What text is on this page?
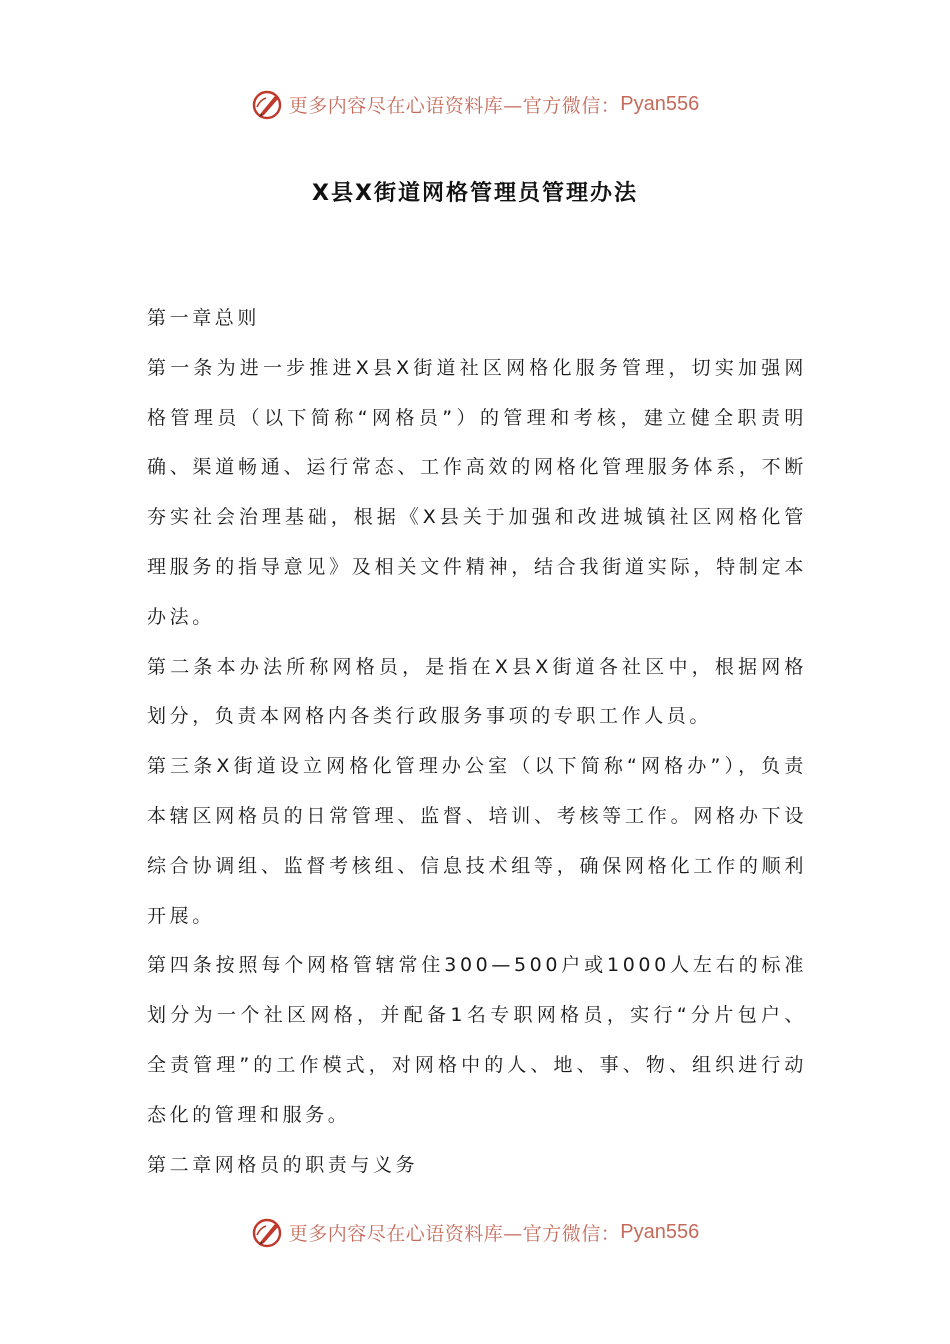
更多内容尽在心语资料库—官方微信： Pyan556
X县X街道网格管理员管理办法

第一章总则

第一条为进一步推进X县X街道社区网格化服务管理，切实加强网格管理员（以下简称“网格员”）的管理和考核，建立健全职责明确、渠道畅通、运行常态、工作高效的网格化管理服务体系，不断夯实社会治理基础，根据《X县关于加强和改进城镇社区网格化管理服务的指导意见》及相关文件精神，结合我街道实际，特制定本办法。

第二条本办法所称网格员，是指在X县X街道各社区中，根据网格划分，负责本网格内各类行政服务事项的专职工作人员。

第三条X街道设立网格化管理办公室（以下简称“网格办”），负责本辖区网格员的日常管理、监督、培训、考核等工作。网格办下设综合协调组、监督考核组、信息技术组等，确保网格化工作的顺利开展。

第四条按照每个网格管辖常住300—500户或1000人左右的标准划分为一个社区网格，并配备1名专职网格员，实行“分片包户、全责管理”的工作模式，对网格中的人、地、事、物、组织进行动态化的管理和服务。

第二章网格员的职责与义务

更多内容尽在心语资料库—官方微信： Pyan556
